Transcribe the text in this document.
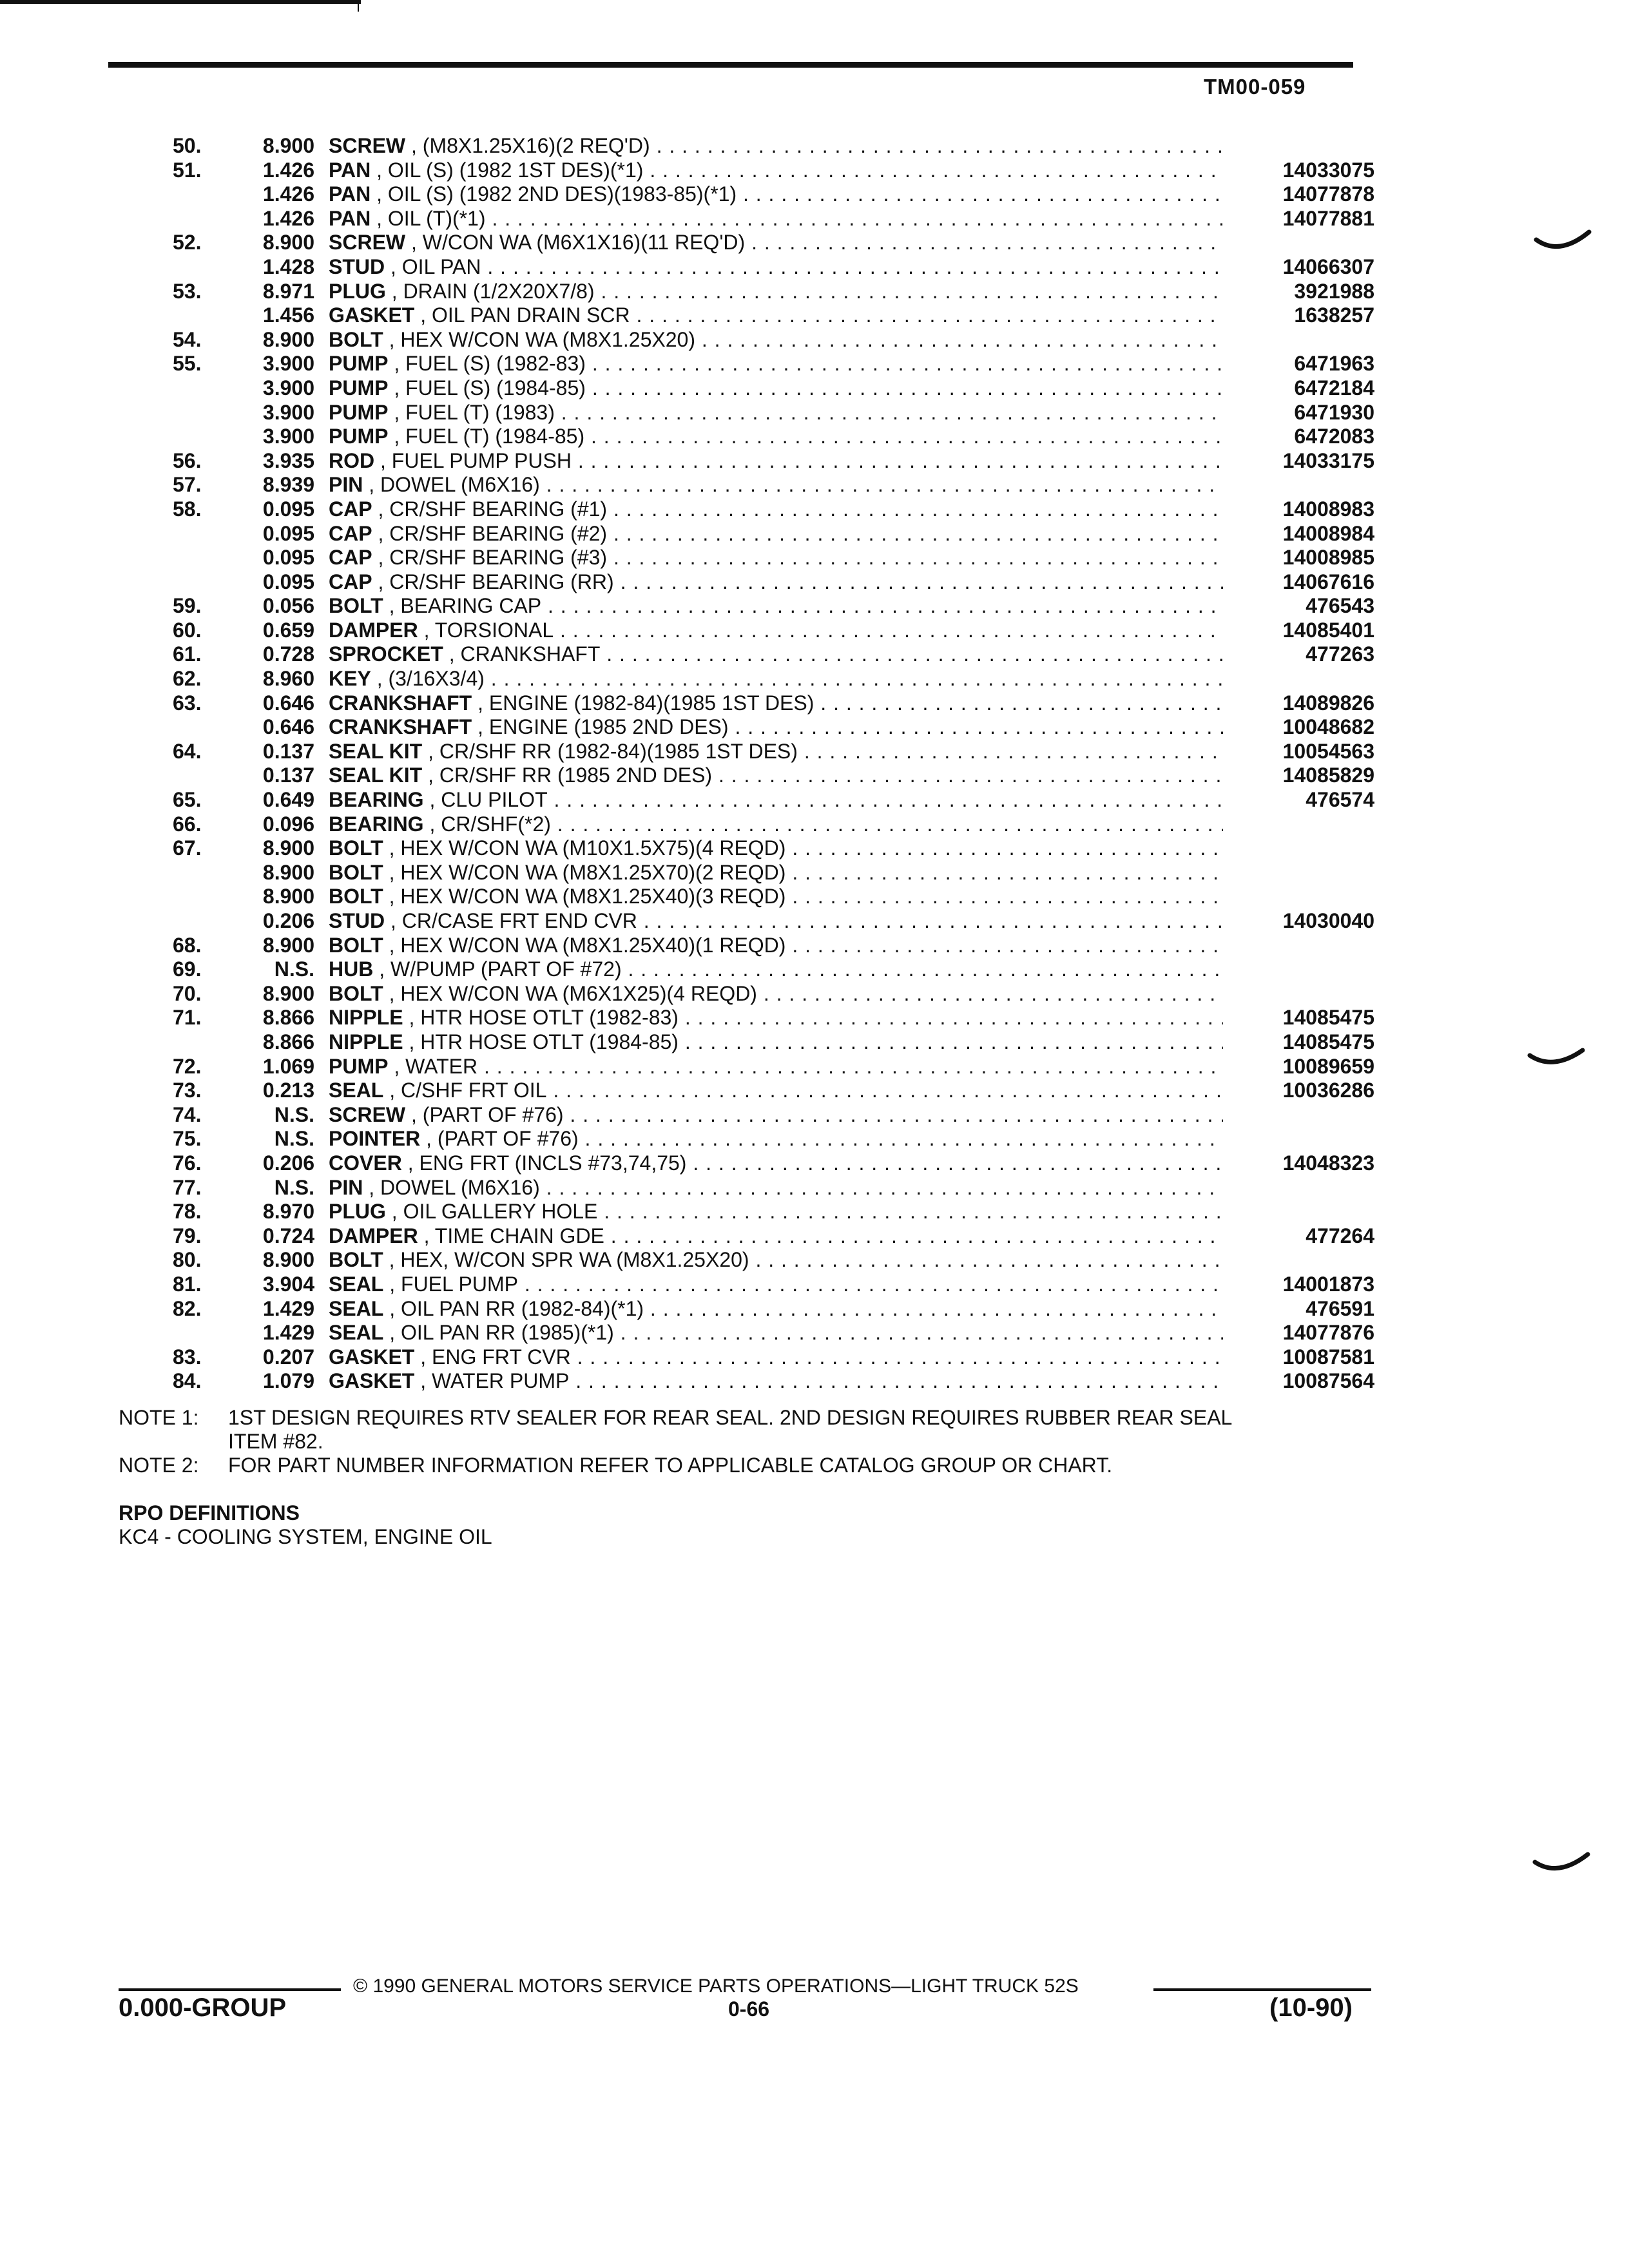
TM00-059
50.	8.900 SCREW , (M8X1.25X16)(2 REQ'D) . . .
51.	1.426 PAN , OIL (S) (1982 1ST DES)(*1) . . .	14033075
1.426 PAN , OIL (S) (1982 2ND DES)(1983-85)(*1) . . .	14077878
1.426 PAN , OIL (T)(*1) . . .	14077881
52.	8.900 SCREW , W/CON WA (M6X1X16)(11 REQ'D) . . .
1.428 STUD , OIL PAN . . .	14066307
53.	8.971 PLUG , DRAIN (1/2X20X7/8) . . .	3921988
1.456 GASKET , OIL PAN DRAIN SCR . . .	1638257
54.	8.900 BOLT , HEX W/CON WA (M8X1.25X20) . . .
55.	3.900 PUMP , FUEL (S) (1982-83) . . .	6471963
3.900 PUMP , FUEL (S) (1984-85) . . .	6472184
3.900 PUMP , FUEL (T) (1983) . . .	6471930
3.900 PUMP , FUEL (T) (1984-85) . . .	6472083
56.	3.935 ROD , FUEL PUMP PUSH . . .	14033175
57.	8.939 PIN , DOWEL (M6X16) . . .
58.	0.095 CAP , CR/SHF BEARING (#1) . . .	14008983
0.095 CAP , CR/SHF BEARING (#2) . . .	14008984
0.095 CAP , CR/SHF BEARING (#3) . . .	14008985
0.095 CAP , CR/SHF BEARING (RR) . . .	14067616
59.	0.056 BOLT , BEARING CAP . . .	476543
60.	0.659 DAMPER , TORSIONAL . . .	14085401
61.	0.728 SPROCKET , CRANKSHAFT . . .	477263
62.	8.960 KEY , (3/16X3/4) . . .
63.	0.646 CRANKSHAFT , ENGINE (1982-84)(1985 1ST DES) . . .	14089826
0.646 CRANKSHAFT , ENGINE (1985 2ND DES) . . .	10048682
64.	0.137 SEAL KIT , CR/SHF RR (1982-84)(1985 1ST DES) . . .	10054563
0.137 SEAL KIT , CR/SHF RR (1985 2ND DES) . . .	14085829
65.	0.649 BEARING , CLU PILOT . . .	476574
66.	0.096 BEARING , CR/SHF(*2) . . .
67.	8.900 BOLT , HEX W/CON WA (M10X1.5X75)(4 REQD) . . .
8.900 BOLT , HEX W/CON WA (M8X1.25X70)(2 REQD) . . .
8.900 BOLT , HEX W/CON WA (M8X1.25X40)(3 REQD) . . .
0.206 STUD , CR/CASE FRT END CVR . . .	14030040
68.	8.900 BOLT , HEX W/CON WA (M8X1.25X40)(1 REQD) . . .
69.	N.S. HUB , W/PUMP (PART OF #72) . . .
70.	8.900 BOLT , HEX W/CON WA (M6X1X25)(4 REQD) . . .
71.	8.866 NIPPLE , HTR HOSE OTLT (1982-83) . . .	14085475
8.866 NIPPLE , HTR HOSE OTLT (1984-85) . . .	14085475
72.	1.069 PUMP , WATER . . .	10089659
73.	0.213 SEAL , C/SHF FRT OIL . . .	10036286
74.	N.S. SCREW , (PART OF #76) . . .
75.	N.S. POINTER , (PART OF #76) . . .
76.	0.206 COVER , ENG FRT (INCLS #73,74,75) . . .	14048323
77.	N.S. PIN , DOWEL (M6X16) . . .
78.	8.970 PLUG , OIL GALLERY HOLE . . .
79.	0.724 DAMPER , TIME CHAIN GDE . . .	477264
80.	8.900 BOLT , HEX, W/CON SPR WA (M8X1.25X20) . . .
81.	3.904 SEAL , FUEL PUMP . . .	14001873
82.	1.429 SEAL , OIL PAN RR (1982-84)(*1) . . .	476591
1.429 SEAL , OIL PAN RR (1985)(*1) . . .	14077876
83.	0.207 GASKET , ENG FRT CVR . . .	10087581
84.	1.079 GASKET , WATER PUMP . . .	10087564
NOTE 1:	1ST DESIGN REQUIRES RTV SEALER FOR REAR SEAL. 2ND DESIGN REQUIRES RUBBER REAR SEAL
ITEM #82.
NOTE 2:	FOR PART NUMBER INFORMATION REFER TO APPLICABLE CATALOG GROUP OR CHART.
RPO DEFINITIONS
KC4 - COOLING SYSTEM, ENGINE OIL
© 1990 GENERAL MOTORS SERVICE PARTS OPERATIONS—LIGHT TRUCK 52S
0.000-GROUP	0-66	(10-90)
